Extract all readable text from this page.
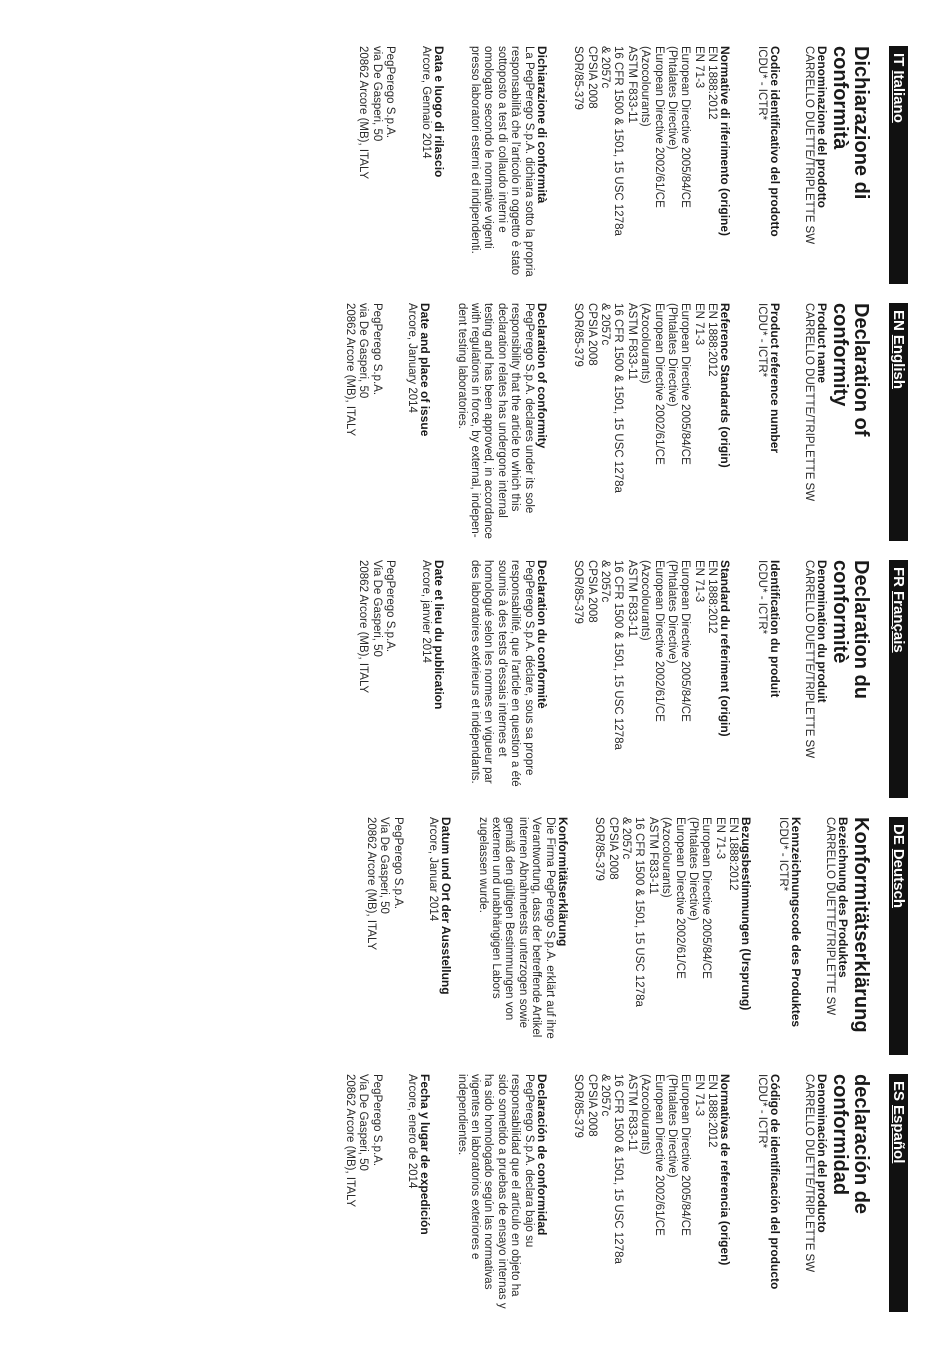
ITItaliano
Dichiarazione di conformità
Denominazione del prodotto
CARRELLO DUETTE/TRIPLETTE SW
Codice identificativo del prodotto
ICDU* - ICTR*
Normative di riferimento (origine)
EN 1888:2012
EN 71-3
European Directive 2005/84/CE
(Phtalates Directive)
European Directive 2002/61/CE
(Azocolourants)
ASTM F833-11
16 CFR 1500 & 1501, 15 USC 1278a
& 2057c
CPSIA 2008
SOR/85-379
Dichiarazione di conformità
La PegPerego S.p.A. dichiara sotto la propria responsabilità che l'articolo in oggetto è stato sottoposto a test di collaudo interni e omologato secondo le normative vigenti presso laboratori esterni ed indipendenti.
Data e luogo di rilascio
Arcore, Gennaio 2014
PegPerego S.p.A.
via De Gasperi, 50
20862 Arcore (MB), ITALY
ENEnglish
Declaration of conformity
Product name
CARRELLO DUETTE/TRIPLETTE SW
Product reference number
ICDU* - ICTR*
Reference Standards (origin)
EN 1888:2012
EN 71-3
European Directive 2005/84/CE
(Phtalates Directive)
European Directive 2002/61/CE
(Azocolourants)
ASTM F833-11
16 CFR 1500 & 1501, 15 USC 1278a
& 2057c
CPSIA 2008
SOR/85-379
Declaration of conformity
PegPerego S.p.A. declares under its sole responsibility that the article to which this declaration relates has undergone internal testing and has been approved, in accordance with regulations in force, by external, indepen-dent testing laboratories.
Date and place of issue
Arcore, January 2014
PegPerego S.p.A.
via De Gasperi, 50
20862 Arcore (MB), ITALY
FRFrançais
Declaration du conformitè
Denomination du produit
CARRELLO DUETTE/TRIPLETTE SW
Identification du produit
ICDU* - ICTR*
Standard du referiment (origin)
EN 1888:2012
EN 71-3
European Directive 2005/84/CE
(Phtalates Directive)
European Directive 2002/61/CE
(Azocolourants)
ASTM F833-11
16 CFR 1500 & 1501, 15 USC 1278a
& 2057c
CPSIA 2008
SOR/85-379
Declaration du conformitè
PegPerego S.p.A. déclare, sous sa propre responsabilité, que l'article en question a été soumis à des tests d'essais internes et homologué selon les normes en vigueur par des laboratoires extérieurs et indépendants.
Date et lieu du publication
Arcore, janvier 2014
PegPerego S.p.A.
Via De Gasperi, 50
20862 Arcore (MB), ITALY
DEDeutsch
Konformitätserklärung
Bezeichnung des Produktes
CARRELLO DUETTE/TRIPLETTE SW
Kennzeichnungscode des Produktes
ICDU* - ICTR*
Bezugsbestimmungen (Ursprung)
EN 1888:2012
EN 71-3
European Directive 2005/84/CE
(Phtalates Directive)
European Directive 2002/61/CE
(Azocolourants)
ASTM F833-11
16 CFR 1500 & 1501, 15 USC 1278a
& 2057c
CPSIA 2008
SOR/85-379
Konformitätserklärung
Die Firma PegPerego S.p.A. erklärt auf ihre Verantwortung, dass der betreffende Artikel internen Abnahmetests unterzogen sowie gemäß den gültigen Bestimmungen von externen und unabhängigen Labors zugelassen wurde.
Datum und Ort der Ausstellung
Arcore, Januar 2014
PegPerego S.p.A.
Via De Gasperi, 50
20862 Arcore (MB), ITALY
ESEspañol
declaración de conformidad
Denominación del producto
CARRELLO DUETTE/TRIPLETTE SW
Código de identificación del producto
ICDU* - ICTR*
Normativas de referencia (origen)
EN 1888:2012
EN 71-3
European Directive 2005/84/CE
(Phtalates Directive)
European Directive 2002/61/CE
(Azocolourants)
ASTM F833-11
16 CFR 1500 & 1501, 15 USC 1278a
& 2057c
CPSIA 2008
SOR/85-379
Declaración de conformidad
PegPerego S.p.A. declara bajo su responsabilidad que el artículo en objeto ha sido sometido a pruebas de ensayo internas y ha sido homologado según las normativas vigentes en laboratorios exteriores e independientes.
Fecha y lugar de expedición
Arcore, enero de 2014
PegPerego S.p.A.
Via De Gasperi, 50
20862 Arcore (MB), ITALY
